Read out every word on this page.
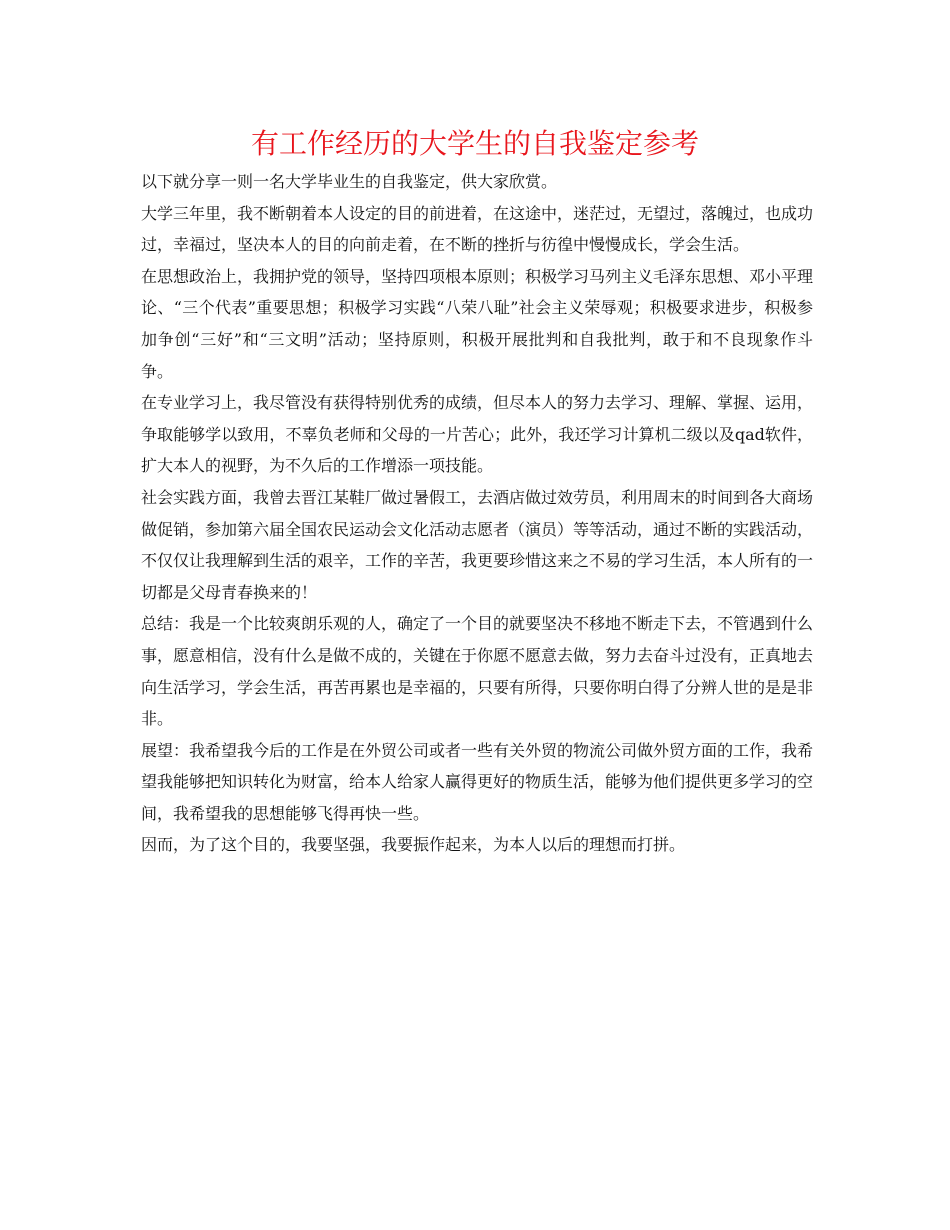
有工作经历的大学生的自我鉴定参考

以下就分享一则一名大学毕业生的自我鉴定，供大家欣赏。

大学三年里，我不断朝着本人设定的目的前进着，在这途中，迷茫过，无望过，落魄过，也成功过，幸福过，坚决本人的目的向前走着，在不断的挫折与彷徨中慢慢成长，学会生活。

在思想政治上，我拥护党的领导，坚持四项根本原则；积极学习马列主义毛泽东思想、邓小平理论、“三个代表”重要思想；积极学习实践“八荣八耻”社会主义荣辱观；积极要求进步，积极参加争创“三好”和“三文明”活动；坚持原则，积极开展批判和自我批判，敢于和不良现象作斗争。

在专业学习上，我尽管没有获得特别优秀的成绩，但尽本人的努力去学习、理解、掌握、运用，争取能够学以致用，不辜负老师和父母的一片苦心；此外，我还学习计算机二级以及qad软件，扩大本人的视野，为不久后的工作增添一项技能。

社会实践方面，我曾去晋江某鞋厂做过暑假工，去酒店做过效劳员，利用周末的时间到各大商场做促销，参加第六届全国农民运动会文化活动志愿者（演员）等等活动，通过不断的实践活动，不仅仅让我理解到生活的艰辛，工作的辛苦，我更要珍惜这来之不易的学习生活，本人所有的一切都是父母青春换来的！

总结：我是一个比较爽朗乐观的人，确定了一个目的就要坚决不移地不断走下去，不管遇到什么事，愿意相信，没有什么是做不成的，关键在于你愿不愿意去做，努力去奋斗过没有，正真地去向生活学习，学会生活，再苦再累也是幸福的，只要有所得，只要你明白得了分辨人世的是是非非。

展望：我希望我今后的工作是在外贸公司或者一些有关外贸的物流公司做外贸方面的工作，我希望我能够把知识转化为财富，给本人给家人赢得更好的物质生活，能够为他们提供更多学习的空间，我希望我的思想能够飞得再快一些。

因而，为了这个目的，我要坚强，我要振作起来，为本人以后的理想而打拼。
